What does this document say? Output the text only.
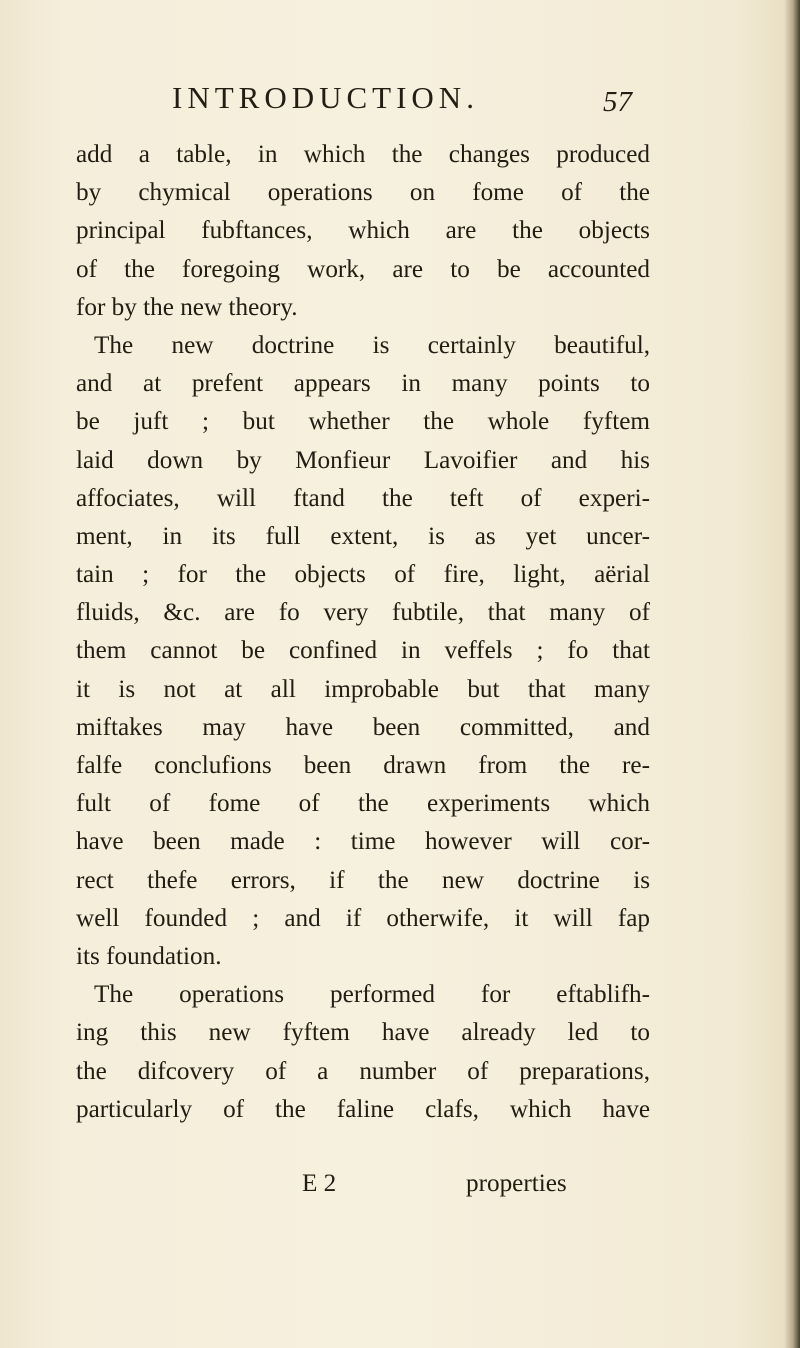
INTRODUCTION.	57
add a table, in which the changes produced
by chymical operations on fome of the
principal fubftances, which are the objects
of the foregoing work, are to be accounted
for by the new theory.
The new doctrine is certainly beautiful,
and at prefent appears in many points to
be juft ; but whether the whole fyftem
laid down by Monfieur Lavoifier and his
affociates, will ftand the teft of experi-
ment, in its full extent, is as yet uncer-
tain ; for the objects of fire, light, aërial
fluids, &c. are fo very fubtile, that many of
them cannot be confined in veffels ; fo that
it is not at all improbable but that many
miftakes may have been committed, and
falfe conclufions been drawn from the re-
fult of fome of the experiments which
have been made : time however will cor-
rect thefe errors, if the new doctrine is
well founded ; and if otherwife, it will fap
its foundation.
The operations performed for eftablifh-
ing this new fyftem have already led to
the difcovery of a number of preparations,
particularly of the faline clafs, which have
E 2	properties
